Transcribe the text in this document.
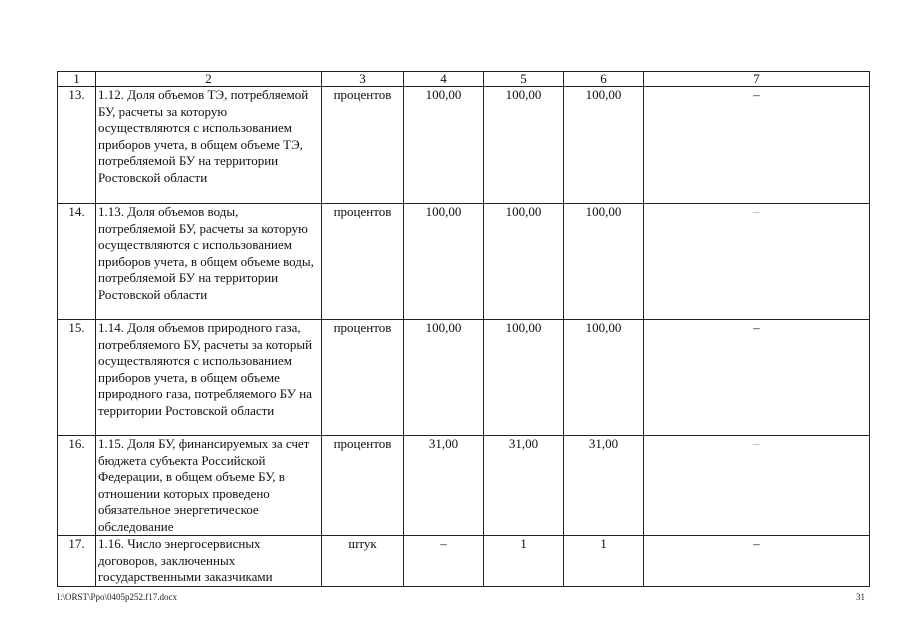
1	2	3	4	5	6	7
13.	1.12. Доля объемов ТЭ, потребляемой БУ, расчеты за которую осуществляются с использованием приборов учета, в общем объеме ТЭ, потребляемой БУ на территории Ростовской области	процентов	100,00	100,00	100,00	–
14.	1.13. Доля объемов воды, потребляемой БУ, расчеты за которую осуществляются с использованием приборов учета, в общем объеме воды, потребляемой БУ на территории Ростовской области	процентов	100,00	100,00	100,00	–
15.	1.14. Доля объемов природного газа, потребляемого БУ, расчеты за который осуществляются с использованием приборов учета, в общем объеме природного газа, потребляемого БУ на территории Ростовской области	процентов	100,00	100,00	100,00	–
16.	1.15. Доля БУ, финансируемых за счет бюджета субъекта Российской Федерации, в общем объеме БУ, в отношении которых проведено обязательное энергетическое обследование	процентов	31,00	31,00	31,00	–
17.	1.16. Число энергосервисных договоров, заключенных государственными заказчиками	штук	–	1	1	–
I:\ORST\Ppo\0405p252.f17.docx	31
